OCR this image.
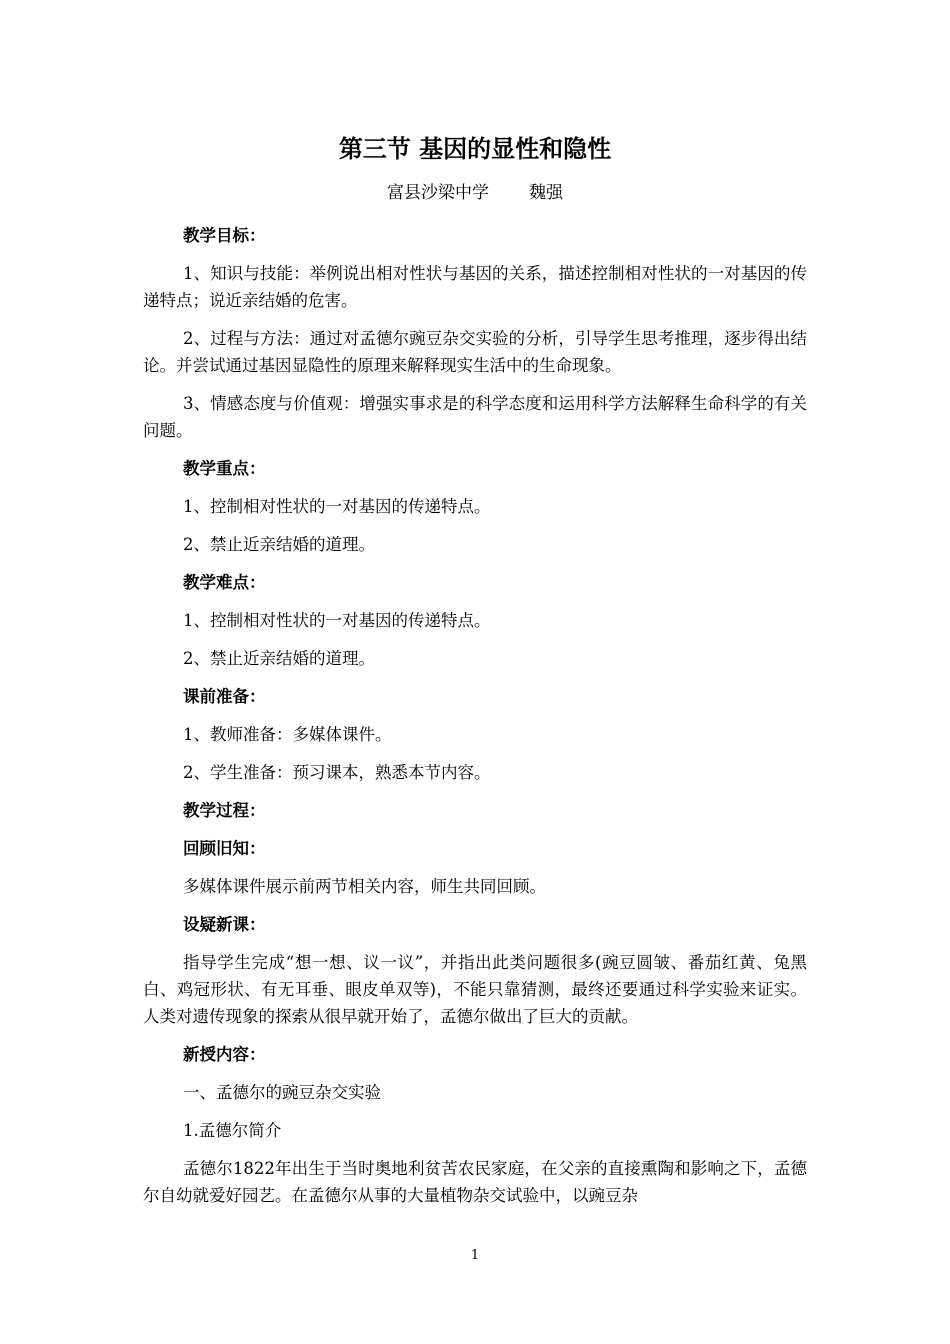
第三节 基因的显性和隐性
富县沙梁中学 魏强
教学目标：
1、知识与技能：举例说出相对性状与基因的关系，描述控制相对性状的一对基因的传递特点；说近亲结婚的危害。
2、过程与方法：通过对孟德尔豌豆杂交实验的分析，引导学生思考推理，逐步得出结论。并尝试通过基因显隐性的原理来解释现实生活中的生命现象。
3、情感态度与价值观：增强实事求是的科学态度和运用科学方法解释生命科学的有关问题。
教学重点：
1、控制相对性状的一对基因的传递特点。
2、禁止近亲结婚的道理。
教学难点：
1、控制相对性状的一对基因的传递特点。
2、禁止近亲结婚的道理。
课前准备：
1、教师准备：多媒体课件。
2、学生准备：预习课本，熟悉本节内容。
教学过程：
回顾旧知：
多媒体课件展示前两节相关内容，师生共同回顾。
设疑新课：
指导学生完成“想一想、议一议”，并指出此类问题很多(豌豆圆皱、番茄红黄、兔黑白、鸡冠形状、有无耳垂、眼皮单双等)，不能只靠猜测，最终还要通过科学实验来证实。人类对遗传现象的探索从很早就开始了，孟德尔做出了巨大的贡献。
新授内容：
一、孟德尔的豌豆杂交实验
1.孟德尔简介
孟德尔1822年出生于当时奥地利贫苦农民家庭，在父亲的直接熏陶和影响之下，孟德尔自幼就爱好园艺。在孟德尔从事的大量植物杂交试验中，以豌豆杂
1
